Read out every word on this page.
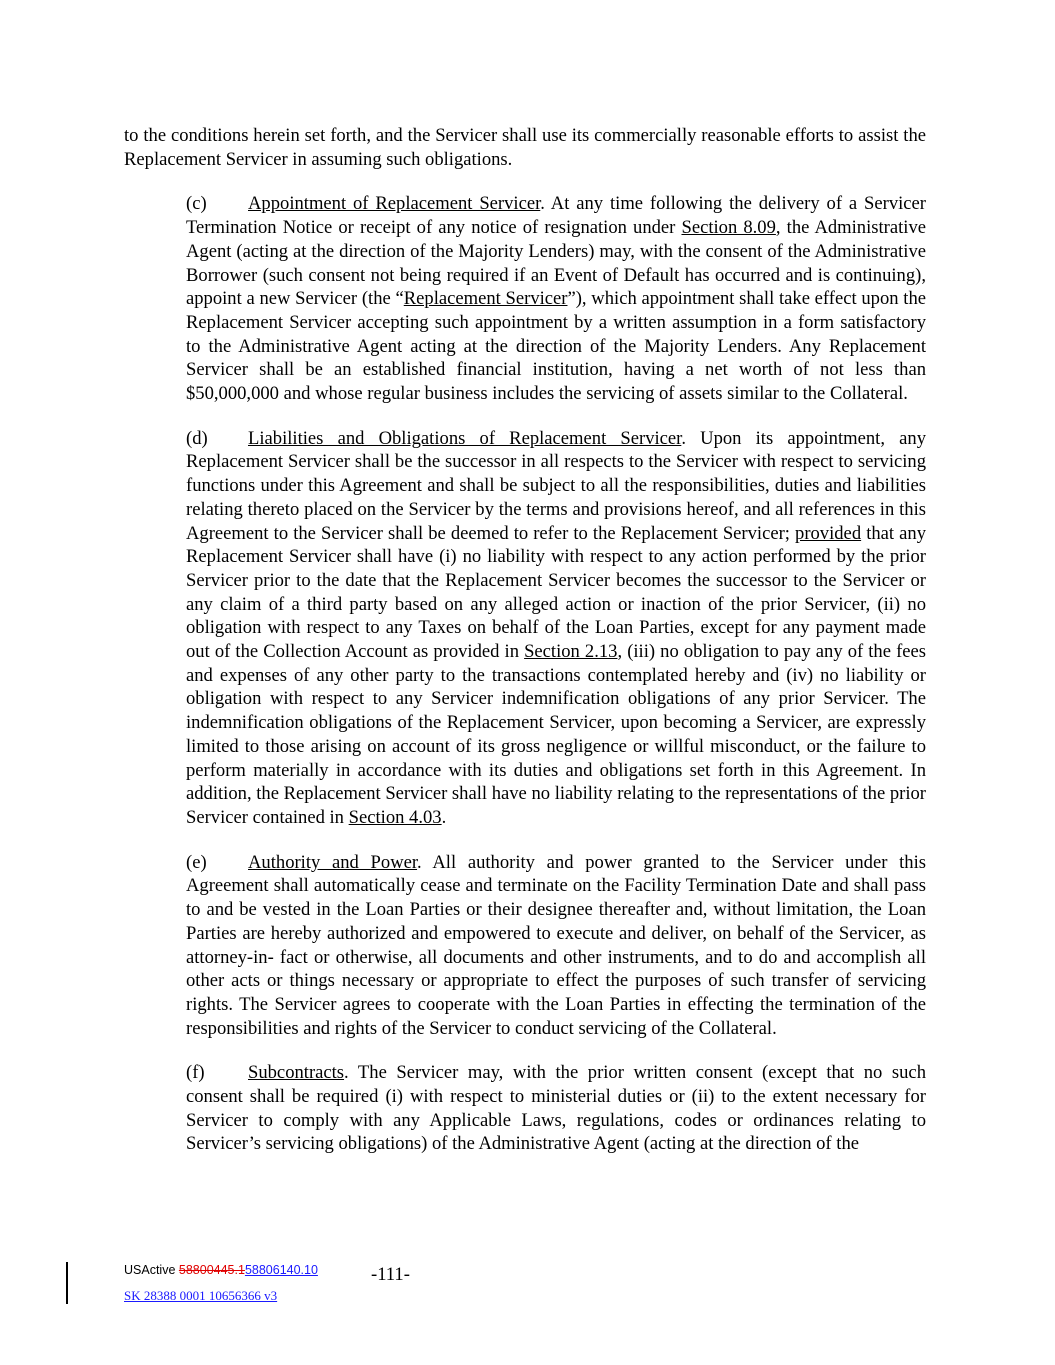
to the conditions herein set forth, and the Servicer shall use its commercially reasonable efforts to assist the Replacement Servicer in assuming such obligations.

(c) Appointment of Replacement Servicer. At any time following the delivery of a Servicer Termination Notice or receipt of any notice of resignation under Section 8.09, the Administrative Agent (acting at the direction of the Majority Lenders) may, with the consent of the Administrative Borrower (such consent not being required if an Event of Default has occurred and is continuing), appoint a new Servicer (the “Replacement Servicer”), which appointment shall take effect upon the Replacement Servicer accepting such appointment by a written assumption in a form satisfactory to the Administrative Agent acting at the direction of the Majority Lenders. Any Replacement Servicer shall be an established financial institution, having a net worth of not less than $50,000,000 and whose regular business includes the servicing of assets similar to the Collateral.

(d) Liabilities and Obligations of Replacement Servicer. Upon its appointment, any Replacement Servicer shall be the successor in all respects to the Servicer with respect to servicing functions under this Agreement and shall be subject to all the responsibilities, duties and liabilities relating thereto placed on the Servicer by the terms and provisions hereof, and all references in this Agreement to the Servicer shall be deemed to refer to the Replacement Servicer; provided that any Replacement Servicer shall have (i) no liability with respect to any action performed by the prior Servicer prior to the date that the Replacement Servicer becomes the successor to the Servicer or any claim of a third party based on any alleged action or inaction of the prior Servicer, (ii) no obligation with respect to any Taxes on behalf of the Loan Parties, except for any payment made out of the Collection Account as provided in Section 2.13, (iii) no obligation to pay any of the fees and expenses of any other party to the transactions contemplated hereby and (iv) no liability or obligation with respect to any Servicer indemnification obligations of any prior Servicer. The indemnification obligations of the Replacement Servicer, upon becoming a Servicer, are expressly limited to those arising on account of its gross negligence or willful misconduct, or the failure to perform materially in accordance with its duties and obligations set forth in this Agreement. In addition, the Replacement Servicer shall have no liability relating to the representations of the prior Servicer contained in Section 4.03.

(e) Authority and Power. All authority and power granted to the Servicer under this Agreement shall automatically cease and terminate on the Facility Termination Date and shall pass to and be vested in the Loan Parties or their designee thereafter and, without limitation, the Loan Parties are hereby authorized and empowered to execute and deliver, on behalf of the Servicer, as attorney-in- fact or otherwise, all documents and other instruments, and to do and accomplish all other acts or things necessary or appropriate to effect the purposes of such transfer of servicing rights. The Servicer agrees to cooperate with the Loan Parties in effecting the termination of the responsibilities and rights of the Servicer to conduct servicing of the Collateral.

(f) Subcontracts. The Servicer may, with the prior written consent (except that no such consent shall be required (i) with respect to ministerial duties or (ii) to the extent necessary for Servicer to comply with any Applicable Laws, regulations, codes or ordinances relating to Servicer’s servicing obligations) of the Administrative Agent (acting at the direction of the

USActive 58800445.158806140.10	-111-
SK 28388 0001 10656366 v3
